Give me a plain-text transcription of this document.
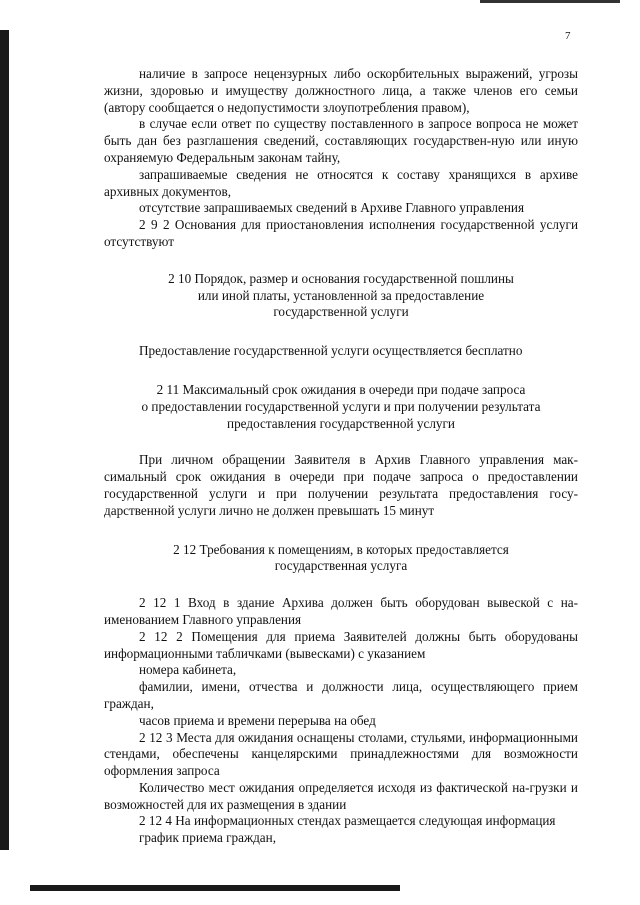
7

наличие в запросе нецензурных либо оскорбительных выражений, угрозы жизни, здоровью и имуществу должностного лица, а также членов его семьи (автору сообщается о недопустимости злоупотребления правом),

в случае если ответ по существу поставленного в запросе вопроса не может быть дан без разглашения сведений, составляющих государствен-ную или иную охраняемую Федеральным законам тайну,

запрашиваемые сведения не относятся к составу хранящихся в архиве архивных документов,

отсутствие запрашиваемых сведений в Архиве Главного управления

2 9 2 Основания для приостановления исполнения государственной услуги отсутствуют

2 10 Порядок, размер и основания государственной пошлины

или иной платы, установленной за предоставление

государственной услуги

Предоставление государственной услуги осуществляется бесплатно

2 11 Максимальный срок ожидания в очереди при подаче запроса

о предоставлении государственной услуги и при получении результата

предоставления государственной услуги

При личном обращении Заявителя в Архив Главного управления мак-симальный срок ожидания в очереди при подаче запроса о предоставлении государственной услуги и при получении результата предоставления госу-дарственной услуги лично не должен превышать 15 минут

2 12 Требования к помещениям, в которых предоставляется

государственная услуга

2 12 1 Вход в здание Архива должен быть оборудован вывеской с на-именованием Главного управления

2 12 2 Помещения для приема Заявителей должны быть оборудованы информационными табличками (вывесками) с указанием

номера кабинета,

фамилии, имени, отчества и должности лица, осуществляющего прием граждан,

часов приема и времени перерыва на обед

2 12 3 Места для ожидания оснащены столами, стульями, информационными стендами, обеспечены канцелярскими принадлежностями для возможности оформления запроса

Количество мест ожидания определяется исходя из фактической на-грузки и возможностей для их размещения в здании

2 12 4 На информационных стендах размещается следующая информация

график приема граждан,
